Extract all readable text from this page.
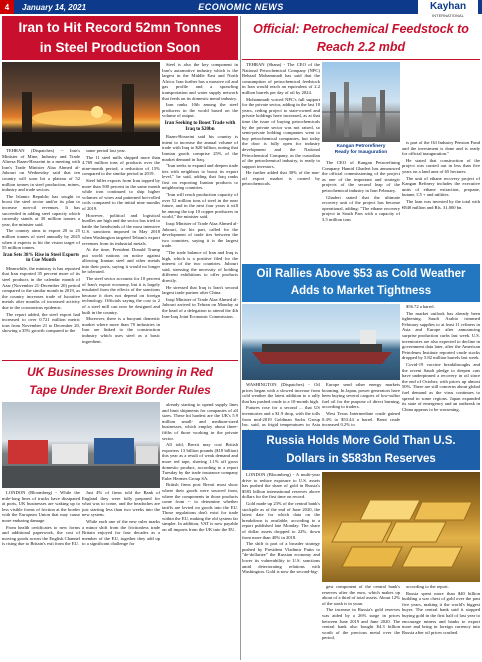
4	January 14, 2021	ECONOMIC NEWS	Kayhan
INTERNATIONAL
Iran to Hit Record 52mn Tonnes
in Steel Production Soon

TEHRAN (Dispatches) -- Iran's Minister of Mine, Industry and Trade Alireza Razm-Hosseini in a meeting with Iran's Trade Minister Alaa Ahmed al-Jubouri on Wednesday said that ten country will soon hit a plateau of 52 million tonnes in steel production, mines, industry and trade sectors.

The Islamic Republic has sought to boost the steel sector and/or its plan to increase non-oil revenues. It has succeeded in adding steel capacity which currently stands at 30 million tonnes a year, the minister said.

The country aims to export 20 to 25 million tonnes of steel annually by 2025 when it expects to hit the vision target of 55 million tonnes.

Iran Sets 38% Rise in Steel Exports in Cue Month

Meanwhile, the ministry is has reported that Iran exported 35 percent more of its steel products in the calendar month of Azar (November 21-December 20) period compared to the similar month in 2019, as the country increases trade of lucrative metals after months of increased activity due to the coronavirus epidemic.

The report added, the steel export had increased to over 0.721 million metric tons from November 21 to December 20, showing a 35% growth compared to the

same period last year.

The 11 steel mills shipped more than 4.769 million tons of products over the nine-month period, a reduction of 15% compared to the similar period in 2019.

Steel billet exports from Iran topped by more than 500 percent in the same month while iron continued to ship higher volumes of wires and patterned hot-rolled coils compared to the initial nine months of 2019.

However, political and logistical hurdles are high and the sector has tried to battle the headwinds of the most intensive U.S. sanctions imposed in May 2018 when Washington targeted Tehran's export revenues from its industrial metals.

At the time, President Donald Trump put world nations on notice against allowing Iranian steel and other metals into their ports, saying it would no longer be tolerated.

The steel sector accounts for 10 percent of Iran's export economy, but it is largely insulated from the effects of the sanctions because it does not depend on foreign technology. Officials saying the cost to 2 of a steel mill can now be designed and built in the country.

Moreover, there is a buoyant domestic market where more than 70 industries in Iran are linked to the construction industry which uses steel as a basic ingredient.

Steel is also the key component in Iran's automotive industry which is the largest in the Middle East and North Africa. Iran further has a massive oil and gas profile and a sprawling transportation and water supply network that feeds on its domestic metal industry.

Iran ranks 10th among the steel producers in the world based on the volume of output.

Iran Seeking to Boost Trade with Iraq to $20bn

Razm-Hosseini said his country is intent to increase the annual volume of trade with Iraq to $20 billion, noting that Iranian goods comprise 25% of the market demand in Iraq.

"Iran seeks to expand and deepen trade ties with neighbors to boost its export level," he said, adding that Iraq ranks first on exporting Iranian products to neighboring countries.

"Iran will reach production capacity of over 52 million tons of steel in the near future, and in the next four years it will be among the top 10 copper producers in world," the minister said.

Iraqi Minister of Trade Alaa Ahmed al-Jubouri, for his part, called for the development of trade ties between the two countries, saying it is the largest trade.

"The trade balance of Iran and Iraq is high, which is a positive filed for the interest of the two countries. Jubouri said, stressing the necessity of holding different exhibitions to offer products directly.

He stressed that Iraq is Iran's second largest trade partner after China.

Iraqi Minister of Trade Alaa Ahmed al-Jubouri arrived in Tehran on Monday at the head of a delegation to attend the 4th Iran-Iraq Joint Economic Commission.

Official: Petrochemical Feedstock to
Reach 2.2 mbd

TEHRAN (Shana) - The CEO of the National Petrochemical Company (NPC) Behzad Mohammadi has said that the consumption of petrochemical feedstock in Iran would reach an equivalent of 2.2 million barrels per day of oil by 2024.

Mohammadi voiced NPC's full support for the private sector, adding in the last 10 years, ceding project to state-owned and private holdings have increased, as at that time the issue of buying petrochemicals by the private sector was not raised, so semi-private holding companies went to buy petrochemical companies, but today the door is fully open for industry development and the National Petrochemical Company, as the custodian of the petrochemical industry, is ready to support investors.

He further added that 30% of the non-oil export market is owned by petrochemicals.

Kangan Petrorefinery
Ready for Inauguration

The CEO of Kangan Petrorefining Company Hamid Ghaderi has announced the official commissioning of the project as one of the important and strategic projects of the second leap of the petrochemical industry in Iran February.

Ghaderi stated that the ultimate recovery unit of the project has become operational, adding: "The ethane recovery project in South Pars with a capacity of 3.5 million tons

is part of the Oil Industry Pension Fund and the investment is done and is ready for official inauguration."

He stated that construction of the project was carried out in less than five years on a land area of 65 hectares.

The unit of ethane recovery project of Kangan Refinery includes the executive units of ethane extraction, propane, butane, C5 + and utilities.

The loan was invested by the total with €840 million and Rls. 31,000 bn.

Oil Rallies Above $53 as Cold Weather
Adds to Market Tightness

WASHINGTON (Dispatches) - Oil prices began with a slowed increase from cold weather the latest addition to a rally that has pushed crude to a 10-month high.

Futures rose for a second ... that US inventories and a $1.9 drop, with the tolls from mid-2019 Goldman Sachs Group Inc. said, as frigid temperatures in Asia

Europe send other energy markets booming. In Japan, power generators have been buying several cargoes of low-sulfur fuel oil for the purpose of direct burning, according to traders.

West Texas Intermediate crude gained 0.4% to $53.44 a barrel. Brent crude increased 0.2% to

$56.72 a barrel.

The market outlook has already been tightening. Saudi Arabia trimmed February supplies to at least 11 refiners in Asia and Europe after announcing surprise production curbs last week. U.S. inventories are also expected to decline in government data later, after the American Petroleum Institute reported crude stocks dropped by 5.82 million barrels last week.

Covid-19 vaccine breakthroughs and the recent Saudi pledge to deepen cuts have underpinned a recovery in oil since the end of October, with prices up almost 50%. There are still concerns about global fuel demand as the virus continues to spread in some regions. Japan expanded its state of emergency and an outbreak in China appears to be worsening.

UK Businesses Drowning in Red
Tape Under Brexit Border Rules

LONDON (Bloomberg) - While the mile-long lines of trucks have dissipated at ports, UK businesses are waking up to less visible forms of friction at the border with the European Union that may cause more enduring damage.

From health certificates to new forms and additional paperwork, the cost of moving goods across the English Channel is rising due to Britain's exit from the EU.

Just 4% of firms told the Bank of England they were fully prepared for what was to come, and the headaches are just starting less than two weeks into the new system.

While each one of the new rules marks a minor shift from the frictionless trade Britain enjoyed for four decades as a member of the EU, together they add up to a significant challenge for

already starting to upend supply lines and limit shipments for companies of all sizes. These hit hardest are the UK's 5.9 million small- and medium-sized businesses, which employ about three-fifths of those working in the private sector.

All told, Brexit may cost British exporters 13 billion pounds ($18 billion) this year as a result of weak demand and more red tape, shaving 1.1% off gross domestic product, according to a report Tuesday by the trade insurance company Euler Hermes Group SA.

British firms post Brexit must show where their goods were sourced from, where the components in those products come from -- to determine whether tariffs are levied on goods into the EU. Those regulations don't exist for trade within the EU, making the old system far simpler. In addition, VAT is now payable on all imports from the UK into the EU.

Russia Holds More Gold Than U.S.
Dollars in $583bn Reserves

LONDON (Bloomberg) - A multi-year drive to reduce exposure to U.S. assets has pushed the share of gold in Russia's $583 billion international reserves above dollars for the first time on record.

Gold made up 23% of the central bank's stockpile as of the end of June 2020, the latest date for which data on the breakdown is available, according to a report published late Monday. The share of dollar assets dropped to 22%, down from more than 40% in 2018.

The shift is part of a broader strategy pushed by President Vladimir Putin to "de-dollarize" the Russian economy and lower its vulnerability to U.S. sanctions amid deteriorating relations with Washington. Gold is now the second-big-

gest component of the central bank's reserves after the euro, which makes up about of a third of total assets. About 12% of the stash is in yuan.

The increase in Russia's gold reserves was aided by a 26% surge in prices between June 2019 and June 2020. The central bank also bought $4.3 billion worth of the precious metal over the period,

according to the report.

Russia spent more than $40 billion building a war chest of gold over the past five years, making it the world's biggest buyer. The central bank said it stopped buying gold in the first half of last year to encourage miners and banks to export more and bring in foreign currency into Russia after oil prices crashed.
